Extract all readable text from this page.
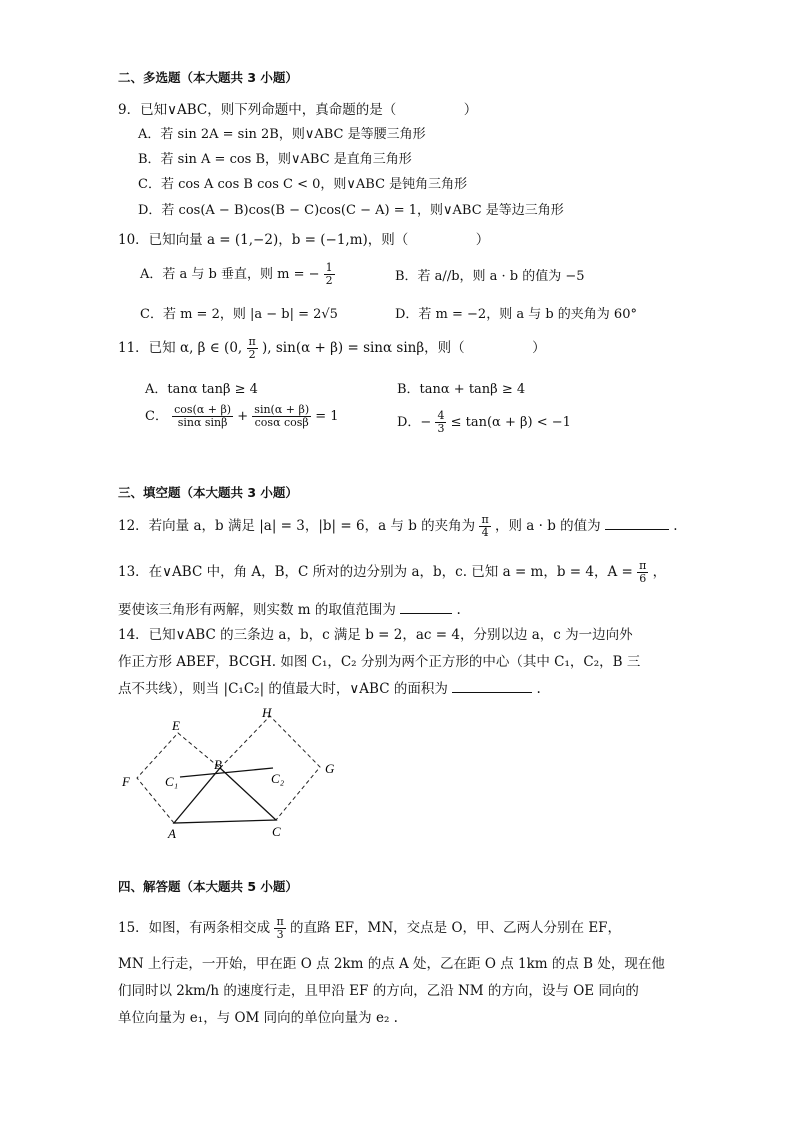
二、多选题（本大题共 3 小题）
9．已知∨ABC，则下列命题中，真命题的是（　　　　　）
A．若 sin 2A = sin 2B，则∨ABC 是等腰三角形
B．若 sin A = cos B，则∨ABC 是直角三角形
C．若 cos A cos B cos C < 0，则∨ABC 是钝角三角形
D．若 cos(A − B)cos(B − C)cos(C − A) = 1，则∨ABC 是等边三角形
10．已知向量 a = (1,−2)，b = (−1,m)，则（　　　　　）
A．若 a 与 b 垂直，则 m = − $\frac{1}{2}$	B．若 a//b，则 a · b 的值为 −5
C．若 m = 2，则 |a − b| = 2√5	D．若 m = −2，则 a 与 b 的夹角为 60°
11．已知 α, β ∈ (0, $\frac{\pi}{2}$ ), sin(α + β) = sinα sinβ，则（　　　　　）
A．tanα tanβ ≥ 4	B．tanα + tanβ ≥ 4
C． $\frac{\cos(\alpha + \beta)}{\text{sinα sinβ}} + \frac{\sin(\alpha + \beta)}{\text{cosα cosβ}} = 1$	D．− $\frac{4}{3} \le \tan(\alpha + \beta) < -1$
三、填空题（本大题共 3 小题）
12．若向量 a，b 满足 |a| = 3，|b| = 6，a 与 b 的夹角为 $\frac{\pi}{4}$ ，则 a · b 的值为	.
13．在∨ABC 中，角 A，B，C 所对的边分别为 a，b，c. 已知 a = m，b = 4，$A = \frac{\pi}{6}$ ，
要使该三角形有两解，则实数 m 的取值范围为	.
14．已知∨ABC 的三条边 a，b，c 满足 b = 2，ac = 4，分别以边 a，c 为一边向外
作正方形 ABEF，BCGH. 如图 C₁，C₂ 分别为两个正方形的中心（其中 C₁，C₂，B 三
点不共线），则当 |C₁C₂| 的值最大时，∨ABC 的面积为	.
E
H
F	C₁
B
C₂
G
A	C
四、解答题（本大题共 5 小题）
15．如图，有两条相交成 $\frac{\pi}{3}$ 的直路 EF，MN，交点是 O，甲、乙两人分别在 EF，
MN 上行走，一开始，甲在距 O 点 2km 的点 A 处，乙在距 O 点 1km 的点 B 处，现在他
们同时以 2km/h 的速度行走，且甲沿 EF 的方向，乙沿 NM 的方向，设与 OE 同向的
单位向量为 e₁，与 OM 同向的单位向量为 e₂ .
